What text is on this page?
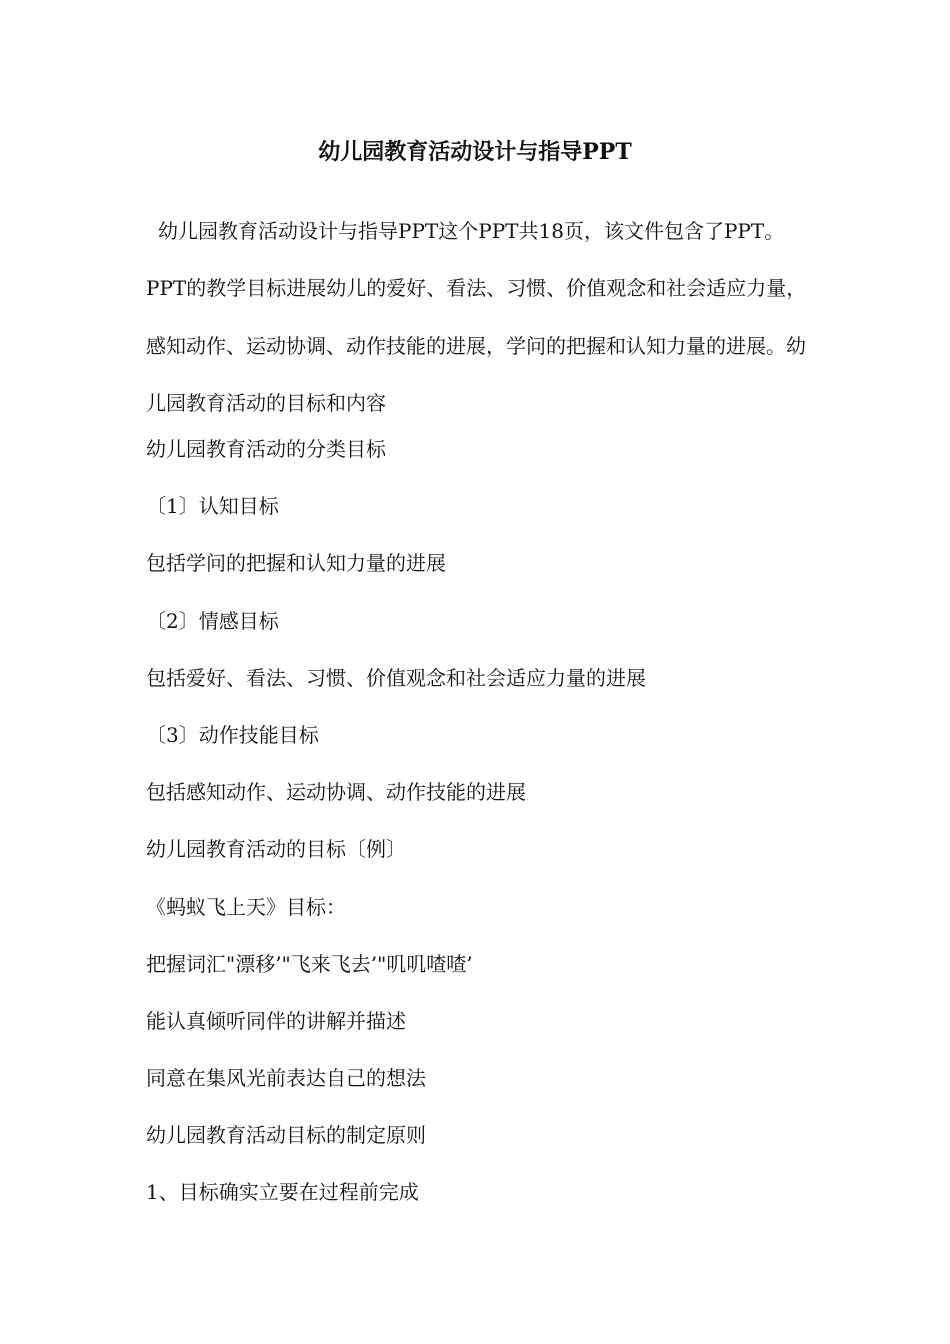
幼儿园教育活动设计与指导PPT

幼儿园教育活动设计与指导PPT这个PPT共18页，该文件包含了PPT。PPT的教学目标进展幼儿的爱好、看法、习惯、价值观念和社会适应力量，感知动作、运动协调、动作技能的进展，学问的把握和认知力量的进展。幼儿园教育活动的目标和内容

幼儿园教育活动的分类目标
〔1〕认知目标
包括学问的把握和认知力量的进展
〔2〕情感目标
包括爱好、看法、习惯、价值观念和社会适应力量的进展
〔3〕动作技能目标
包括感知动作、运动协调、动作技能的进展
幼儿园教育活动的目标〔例〕
《蚂蚁飞上天》目标：
把握词汇"漂移’"飞来飞去’"叽叽喳喳’
能认真倾听同伴的讲解并描述
同意在集风光前表达自己的想法
幼儿园教育活动目标的制定原则
1、目标确实立要在过程前完成
